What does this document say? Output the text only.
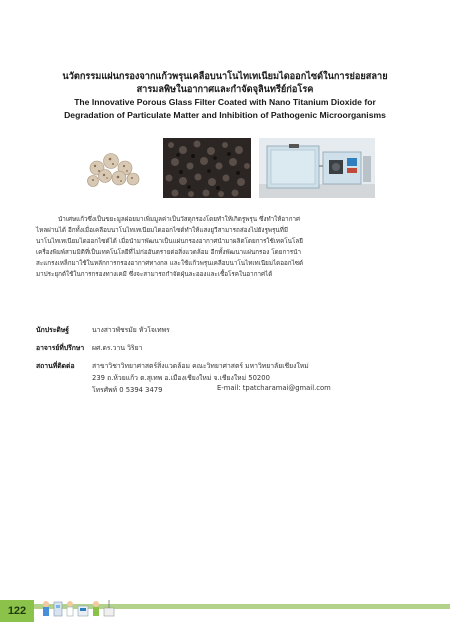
นวัตกรรมแผ่นกรองจากแก้วพรุนเคลือบนาโนไทเทเนียมไดออกไซด์ในการย่อยสลาย
สารมลพิษในอากาศและกำจัดจุลินทรีย์ก่อโรค
The Innovative Porous Glass Filter Coated with Nano Titanium Dioxide for
Degradation of Particulate Matter and Inhibition of Pathogenic Microorganisms
นำเศษแก้วซึ่งเป็นขยะมูลฝอยมาเพิ่มมูลค่าเป็นวัสดุกรองโดยทำให้เกิดรูพรุน ซึ่งทำให้อากาศ
ไหลผ่านได้ อีกทั้งเมื่อเคลือบนาโนไทเทเนียมไดออกไซด์ทำให้แสงยูวีสามารถส่องไปยังรูพรุนที่มี
นาโนไทเทเนียมไดออกไซด์ได้ เมื่อนำมาพัฒนาเป็นแผ่นกรองอากาศนำมาผลิตโดยการใช้เทคโนโลยี
เครื่องพิมพ์สามมิติที่เป็นเทคโนโลยีที่ไม่ก่ออันตรายต่อสิ่งแวดล้อม อีกทั้งพัฒนาแผ่นกรอง โดยการนำ
สะแกรงเหล็กมาใช้ในหลักการกรองอากาศทางกล และใช้แก้วพรุนเคลือบนาโนไทเทเนียมไดออกไซด์
มาประยุกต์ใช้ในการกรองทางเคมี ซึ่งจะสามารถกำจัดฝุ่นละอองและเชื้อโรคในอากาศได้
นักประดิษฐ์	นางสาวพัชรมัย หัวโจเทพร
อาจารย์ที่ปรึกษา ผศ.ดร.วาน วิริยา
สถานที่ติดต่อ	สาขาวิชาวิทยาศาสตร์สิ่งแวดล้อม คณะวิทยาศาสตร์ มหาวิทยาลัยเชียงใหม่
239 ถ.ห้วยแก้ว ต.สุเทพ อ.เมืองเชียงใหม่ จ.เชียงใหม่ 50200
โทรศัพท์ 0 5394 3479	E-mail: tpatcharamai@gmail.com
122
